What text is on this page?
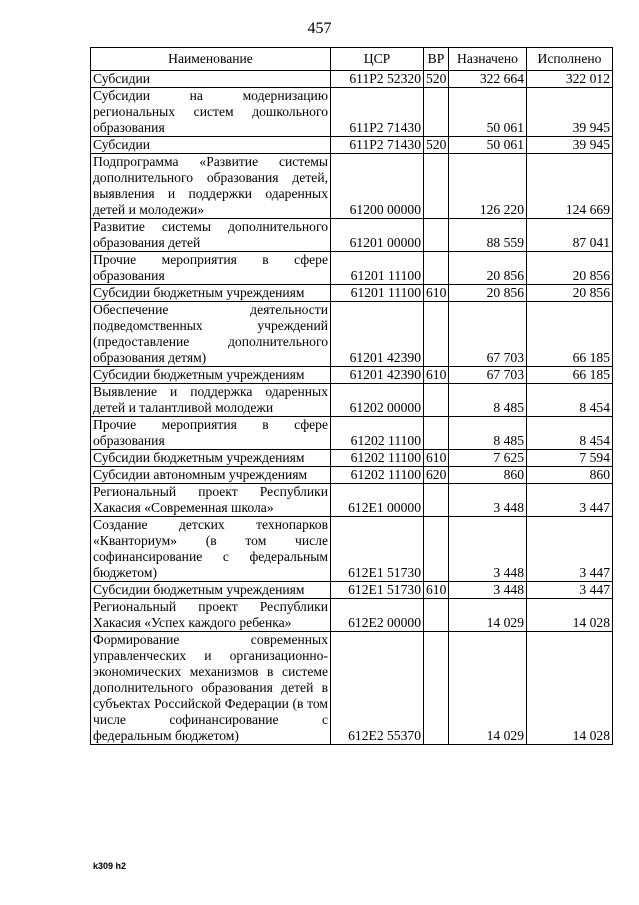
457
Наименование	ЦСР	ВР	Назначено	Исполнено
Субсидии	611P2 52320	520	322 664	322 012
Субсидии на модернизацию региональных систем дошкольного образования	611P2 71430		50 061	39 945
Субсидии	611P2 71430	520	50 061	39 945
Подпрограмма «Развитие системы дополнительного образования детей, выявления и поддержки одаренных детей и молодежи»	61200 00000		126 220	124 669
Развитие системы дополнительного образования детей	61201 00000		88 559	87 041
Прочие мероприятия в сфере образования	61201 11100		20 856	20 856
Субсидии бюджетным учреждениям	61201 11100	610	20 856	20 856
Обеспечение деятельности подведомственных учреждений (предоставление дополнительного образования детям)	61201 42390		67 703	66 185
Субсидии бюджетным учреждениям	61201 42390	610	67 703	66 185
Выявление и поддержка одаренных детей и талантливой молодежи	61202 00000		8 485	8 454
Прочие мероприятия в сфере образования	61202 11100		8 485	8 454
Субсидии бюджетным учреждениям	61202 11100	610	7 625	7 594
Субсидии автономным учреждениям	61202 11100	620	860	860
Региональный проект Республики Хакасия «Современная школа»	612E1 00000		3 448	3 447
Создание детских технопарков «Кванториум» (в том числе софинансирование с федеральным бюджетом)	612E1 51730		3 448	3 447
Субсидии бюджетным учреждениям	612E1 51730	610	3 448	3 447
Региональный проект Республики Хакасия «Успех каждого ребенка»	612E2 00000		14 029	14 028
Формирование современных управленческих и организационно-экономических механизмов в системе дополнительного образования детей в субъектах Российской Федерации (в том числе софинансирование с федеральным бюджетом)	612E2 55370		14 029	14 028
k309 h2
